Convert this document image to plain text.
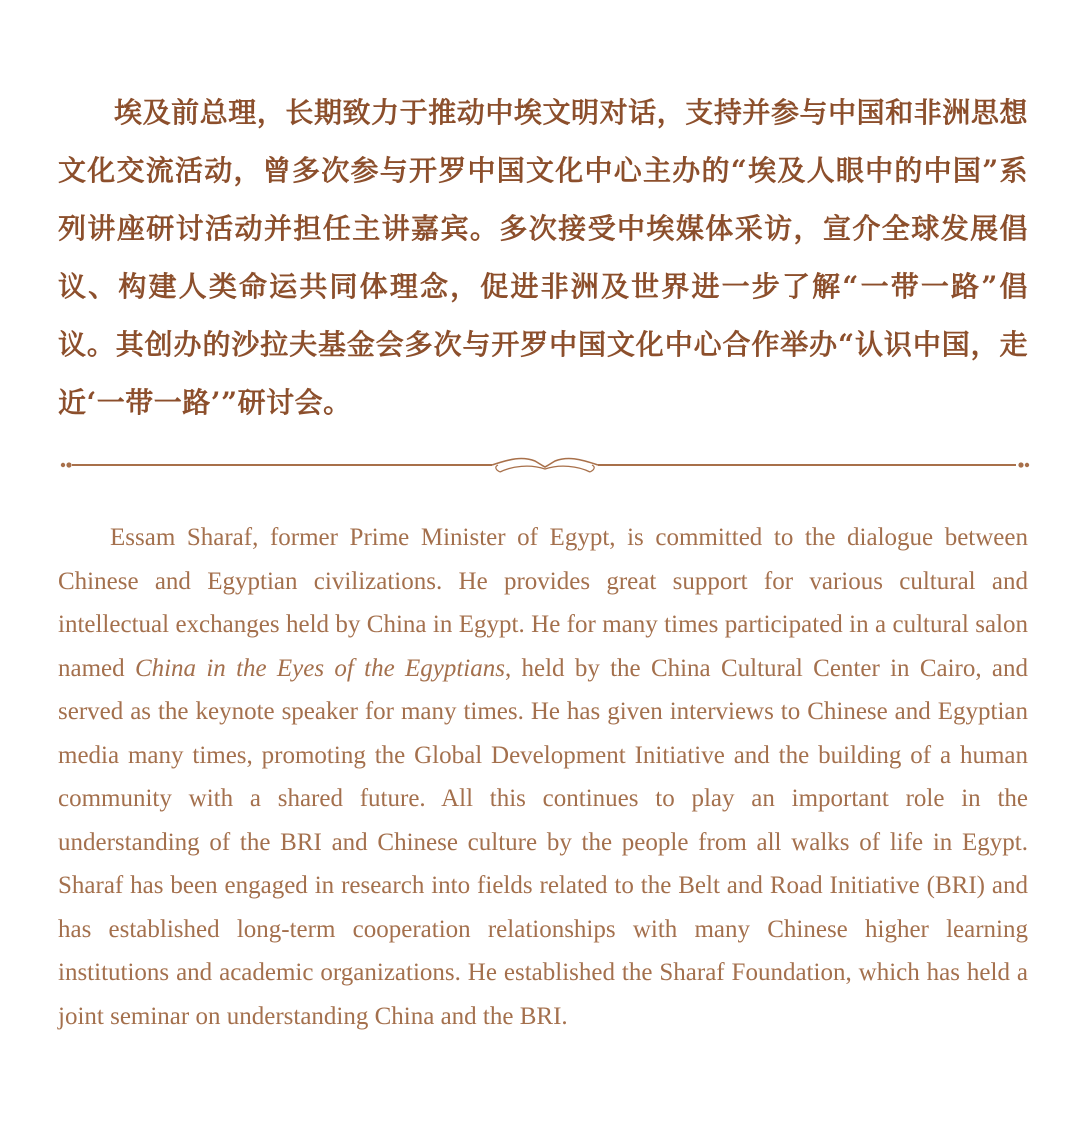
埃及前总理，长期致力于推动中埃文明对话，支持并参与中国和非洲思想文化交流活动，曾多次参与开罗中国文化中心主办的“埃及人眼中的中国”系列讲座研讨活动并担任主讲嘉宾。多次接受中埃媒体采访，宣介全球发展倡议、构建人类命运共同体理念，促进非洲及世界进一步了解“一带一路”倡议。其创办的沙拉夫基金会多次与开罗中国文化中心合作举办“认识中国，走近‘一带一路’”研讨会。
Essam Sharaf, former Prime Minister of Egypt, is committed to the dialogue between Chinese and Egyptian civilizations. He provides great support for various cultural and intellectual exchanges held by China in Egypt. He for many times participated in a cultural salon named China in the Eyes of the Egyptians, held by the China Cultural Center in Cairo, and served as the keynote speaker for many times. He has given interviews to Chinese and Egyptian media many times, promoting the Global Development Initiative and the building of a human community with a shared future. All this continues to play an important role in the understanding of the BRI and Chinese culture by the people from all walks of life in Egypt. Sharaf has been engaged in research into fields related to the Belt and Road Initiative (BRI) and has established long-term cooperation relationships with many Chinese higher learning institutions and academic organizations. He established the Sharaf Foundation, which has held a joint seminar on understanding China and the BRI.
